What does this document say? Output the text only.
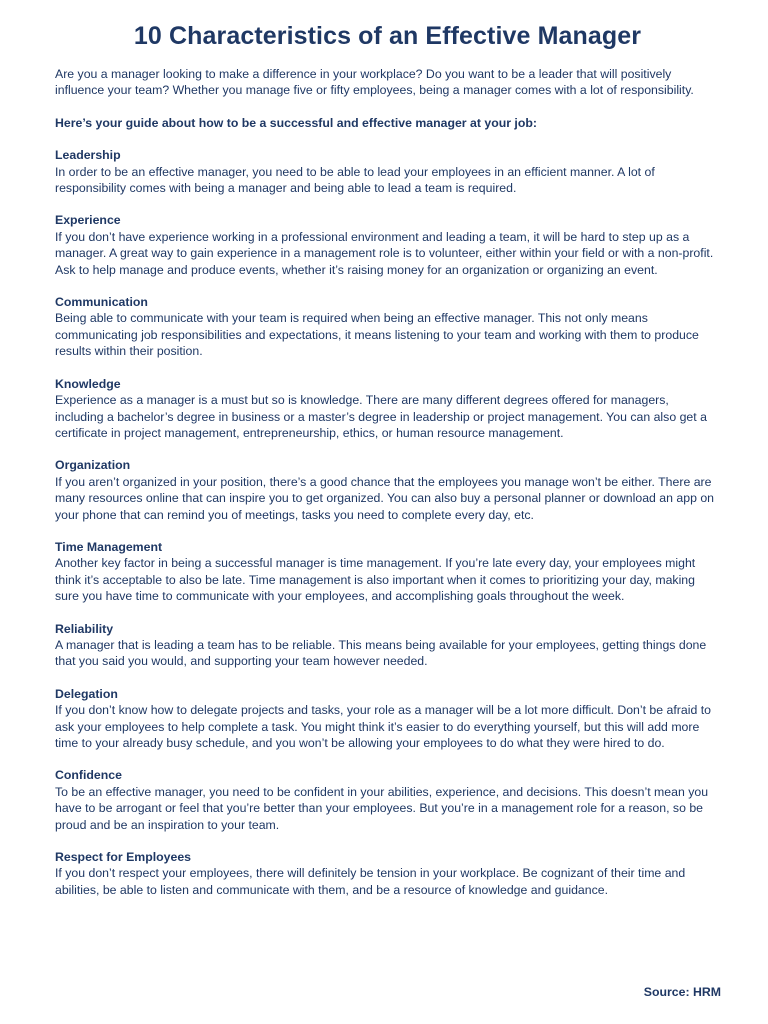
10 Characteristics of an Effective Manager

Are you a manager looking to make a difference in your workplace? Do you want to be a leader that will positively influence your team? Whether you manage five or fifty employees, being a manager comes with a lot of responsibility.

Here’s your guide about how to be a successful and effective manager at your job:

Leadership
In order to be an effective manager, you need to be able to lead your employees in an efficient manner. A lot of responsibility comes with being a manager and being able to lead a team is required.
Experience
If you don’t have experience working in a professional environment and leading a team, it will be hard to step up as a manager. A great way to gain experience in a management role is to volunteer, either within your field or with a non-profit. Ask to help manage and produce events, whether it’s raising money for an organization or organizing an event.
Communication
Being able to communicate with your team is required when being an effective manager. This not only means communicating job responsibilities and expectations, it means listening to your team and working with them to produce results within their position.
Knowledge
Experience as a manager is a must but so is knowledge. There are many different degrees offered for managers, including a bachelor’s degree in business or a master’s degree in leadership or project management. You can also get a certificate in project management, entrepreneurship, ethics, or human resource management.
Organization
If you aren’t organized in your position, there’s a good chance that the employees you manage won’t be either. There are many resources online that can inspire you to get organized. You can also buy a personal planner or download an app on your phone that can remind you of meetings, tasks you need to complete every day, etc.
Time Management
Another key factor in being a successful manager is time management. If you’re late every day, your employees might think it’s acceptable to also be late. Time management is also important when it comes to prioritizing your day, making sure you have time to communicate with your employees, and accomplishing goals throughout the week.
Reliability
A manager that is leading a team has to be reliable. This means being available for your employees, getting things done that you said you would, and supporting your team however needed.
Delegation
If you don’t know how to delegate projects and tasks, your role as a manager will be a lot more difficult. Don’t be afraid to ask your employees to help complete a task. You might think it’s easier to do everything yourself, but this will add more time to your already busy schedule, and you won’t be allowing your employees to do what they were hired to do.
Confidence
To be an effective manager, you need to be confident in your abilities, experience, and decisions. This doesn’t mean you have to be arrogant or feel that you’re better than your employees. But you’re in a management role for a reason, so be proud and be an inspiration to your team.
Respect for Employees
If you don’t respect your employees, there will definitely be tension in your workplace. Be cognizant of their time and abilities, be able to listen and communicate with them, and be a resource of knowledge and guidance.
Source: HRM
